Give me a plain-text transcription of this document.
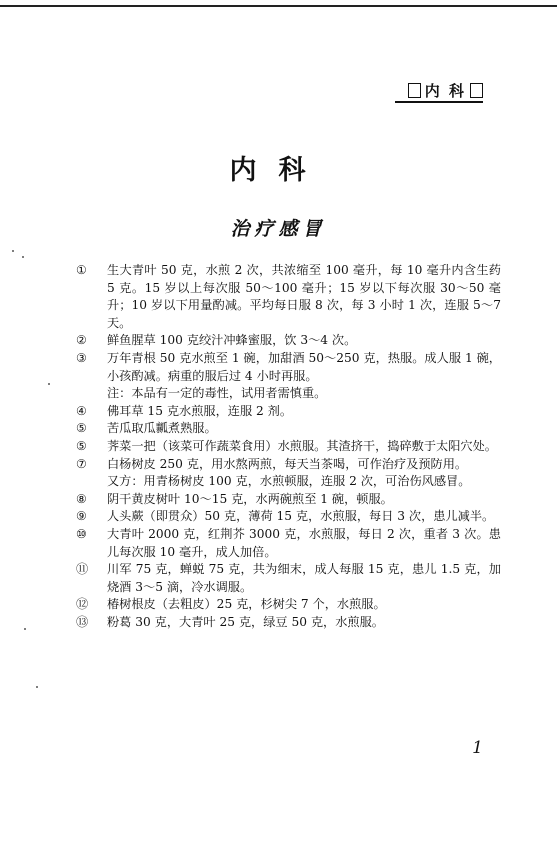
内 科
内科
治疗感冒
①	生大青叶 50 克，水煎 2 次，共浓缩至 100 毫升，每 10 毫升内含生药 5 克。15 岁以上每次服 50～100 毫升；15 岁以下每次服 30～50 毫升；10 岁以下用量酌减。平均每日服 8 次，每 3 小时 1 次，连服 5～7 天。
②	鲜鱼腥草 100 克绞汁冲蜂蜜服，饮 3～4 次。
③	万年青根 50 克水煎至 1 碗，加甜酒 50～250 克，热服。成人服 1 碗，小孩酌减。病重的服后过 4 小时再服。
注：本品有一定的毒性，试用者需慎重。
④	佛耳草 15 克水煎服，连服 2 剂。
⑤	苦瓜取瓜瓤煮熟服。
⑤	荠菜一把（该菜可作蔬菜食用）水煎服。其渣挤干，捣碎敷于太阳穴处。
⑦	白杨树皮 250 克，用水熬两煎，每天当茶喝，可作治疗及预防用。
又方：用青杨树皮 100 克，水煎顿服，连服 2 次，可治伤风感冒。
⑧	阴干黄皮树叶 10～15 克，水两碗煎至 1 碗，顿服。
⑨	人头蕨（即贯众）50 克，薄荷 15 克，水煎服，每日 3 次，患儿减半。
⑩	大青叶 2000 克，红荆芥 3000 克，水煎服，每日 2 次，重者 3 次。患儿每次服 10 毫升，成人加倍。
⑪	川军 75 克，蝉蜕 75 克，共为细末，成人每服 15 克，患儿 1.5 克，加烧酒 3～5 滴，冷水调服。
⑫	椿树根皮（去粗皮）25 克，杉树尖 7 个，水煎服。
⑬	粉葛 30 克，大青叶 25 克，绿豆 50 克，水煎服。
1
